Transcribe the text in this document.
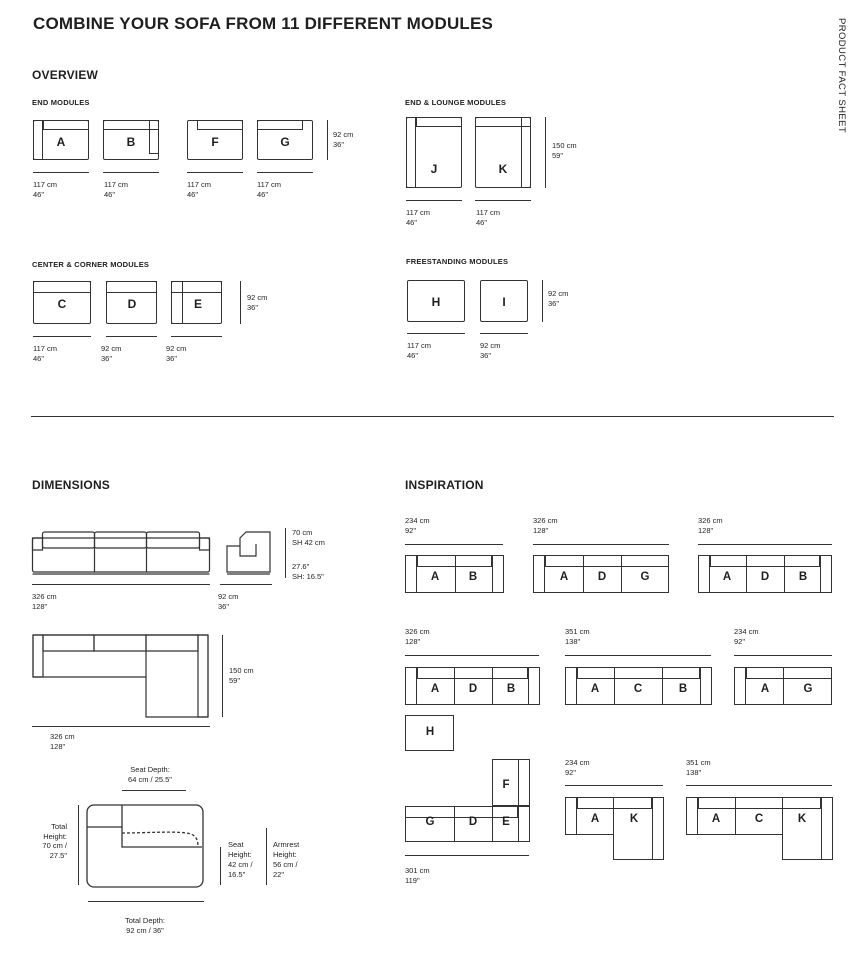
COMBINE YOUR SOFA FROM 11 DIFFERENT MODULES	PRODUCT FACT SHEET
OVERVIEW
END MODULES
A	B	F	G
117 cm
46"
117 cm
46"
117 cm
46"
117 cm
46"
92 cm
36"
END & LOUNGE MODULES
J	K
117 cm
46"
117 cm
46"
150 cm
59"
CENTER & CORNER MODULES
C	D	E
117 cm
46"
92 cm
36"
92 cm
36"
92 cm
36"
FREESTANDING MODULES
H	I
117 cm
46"
92 cm
36"
92 cm
36"
DIMENSIONS
326 cm
128"
92 cm
36"
70 cm
SH 42 cm
27.6"
SH: 16.5"
150 cm
59"
326 cm
128"
Seat Depth:
64 cm / 25.5"
Total
Height:
70 cm /
27.5"
Seat
Height:
42 cm /
16.5"
Armrest
Height:
56 cm /
22"
Total Depth:
92 cm / 36"
INSPIRATION
234 cm
92"
A	B
326 cm
128"
A	D	G
326 cm
128"
A	D	B
326 cm
128"
A	D	B
351 cm
138"
A	C	B
234 cm
92"
A	G
H
G	D	E
F
301 cm
119"
234 cm
92"
A	K
351 cm
138"
A	C	K
